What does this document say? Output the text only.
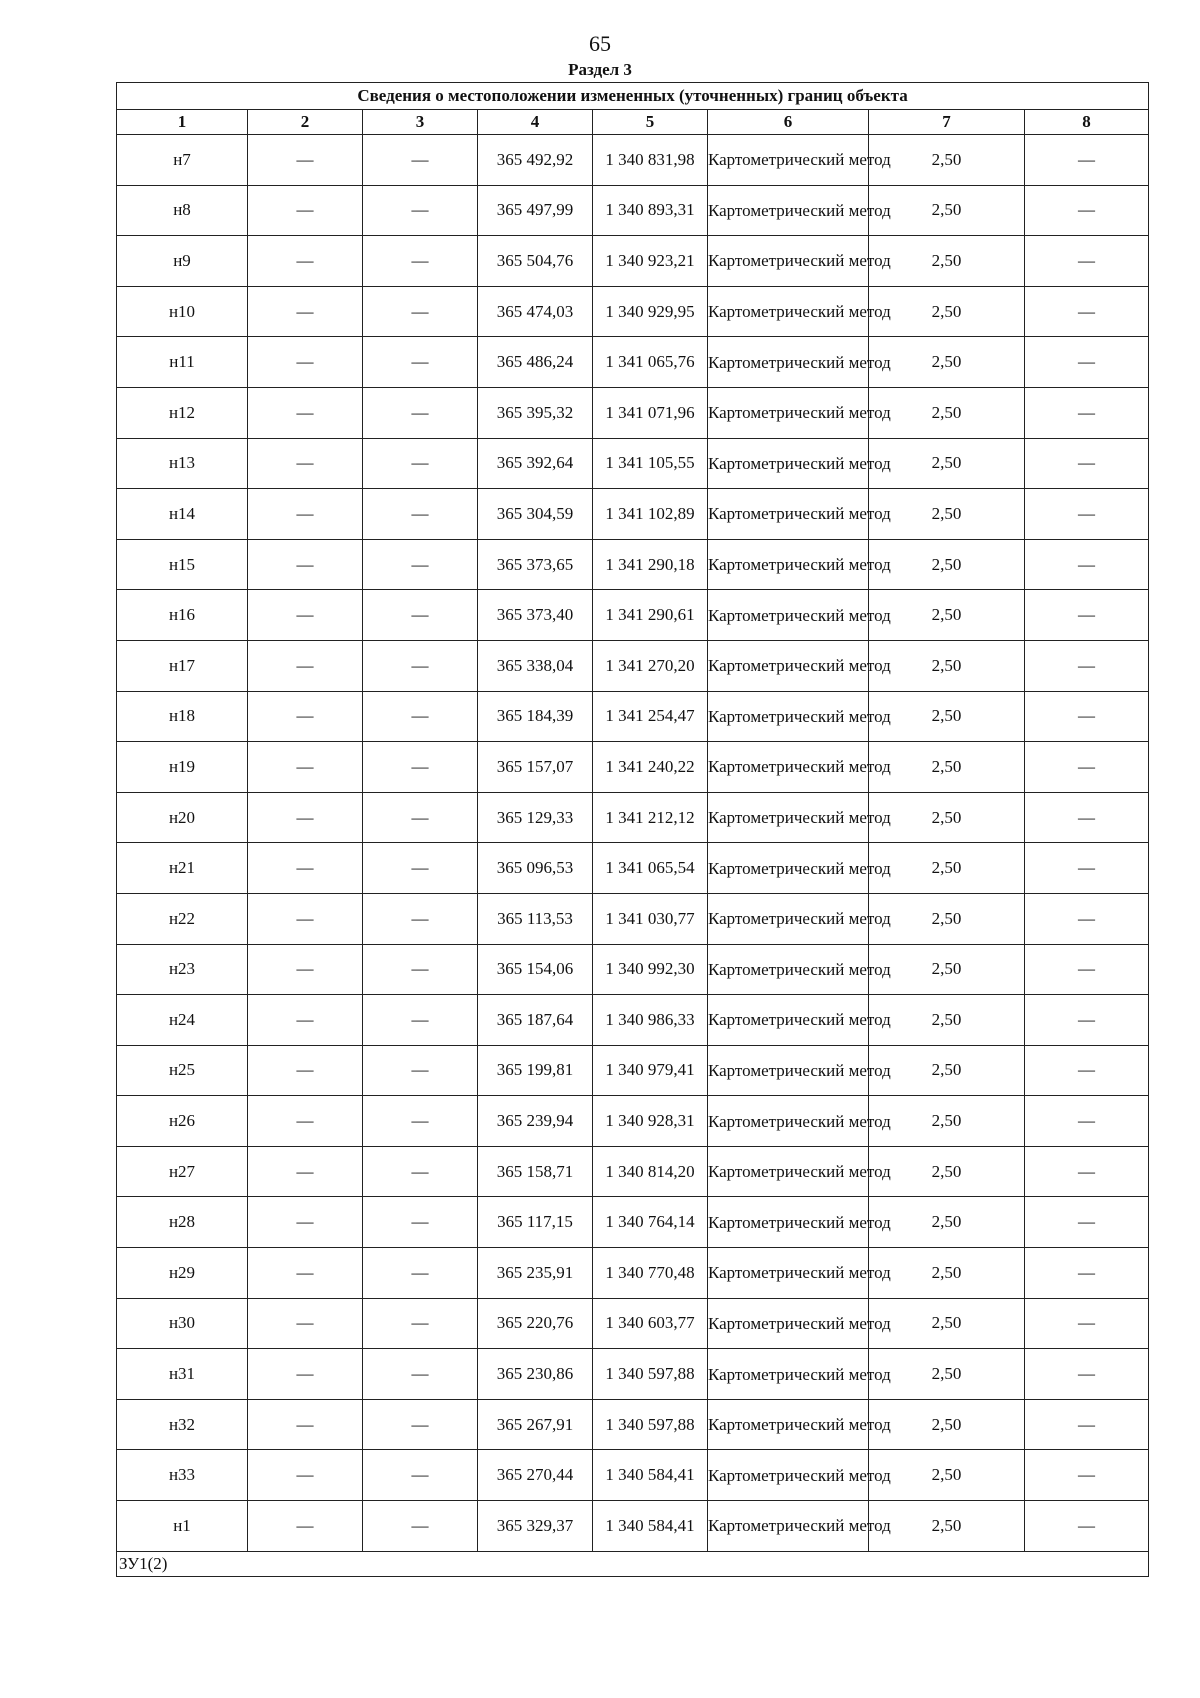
65
Раздел 3
Сведения о местоположении измененных (уточненных) границ объекта							
1	2	3	4	5	6	7	8
н7	—	—	365 492,92	1 340 831,98	Картометрический метод	2,50	—
н8	—	—	365 497,99	1 340 893,31	Картометрический метод	2,50	—
н9	—	—	365 504,76	1 340 923,21	Картометрический метод	2,50	—
н10	—	—	365 474,03	1 340 929,95	Картометрический метод	2,50	—
н11	—	—	365 486,24	1 341 065,76	Картометрический метод	2,50	—
н12	—	—	365 395,32	1 341 071,96	Картометрический метод	2,50	—
н13	—	—	365 392,64	1 341 105,55	Картометрический метод	2,50	—
н14	—	—	365 304,59	1 341 102,89	Картометрический метод	2,50	—
н15	—	—	365 373,65	1 341 290,18	Картометрический метод	2,50	—
н16	—	—	365 373,40	1 341 290,61	Картометрический метод	2,50	—
н17	—	—	365 338,04	1 341 270,20	Картометрический метод	2,50	—
н18	—	—	365 184,39	1 341 254,47	Картометрический метод	2,50	—
н19	—	—	365 157,07	1 341 240,22	Картометрический метод	2,50	—
н20	—	—	365 129,33	1 341 212,12	Картометрический метод	2,50	—
н21	—	—	365 096,53	1 341 065,54	Картометрический метод	2,50	—
н22	—	—	365 113,53	1 341 030,77	Картометрический метод	2,50	—
н23	—	—	365 154,06	1 340 992,30	Картометрический метод	2,50	—
н24	—	—	365 187,64	1 340 986,33	Картометрический метод	2,50	—
н25	—	—	365 199,81	1 340 979,41	Картометрический метод	2,50	—
н26	—	—	365 239,94	1 340 928,31	Картометрический метод	2,50	—
н27	—	—	365 158,71	1 340 814,20	Картометрический метод	2,50	—
н28	—	—	365 117,15	1 340 764,14	Картометрический метод	2,50	—
н29	—	—	365 235,91	1 340 770,48	Картометрический метод	2,50	—
н30	—	—	365 220,76	1 340 603,77	Картометрический метод	2,50	—
н31	—	—	365 230,86	1 340 597,88	Картометрический метод	2,50	—
н32	—	—	365 267,91	1 340 597,88	Картометрический метод	2,50	—
н33	—	—	365 270,44	1 340 584,41	Картометрический метод	2,50	—
н1	—	—	365 329,37	1 340 584,41	Картометрический метод	2,50	—
ЗУ1(2)							
